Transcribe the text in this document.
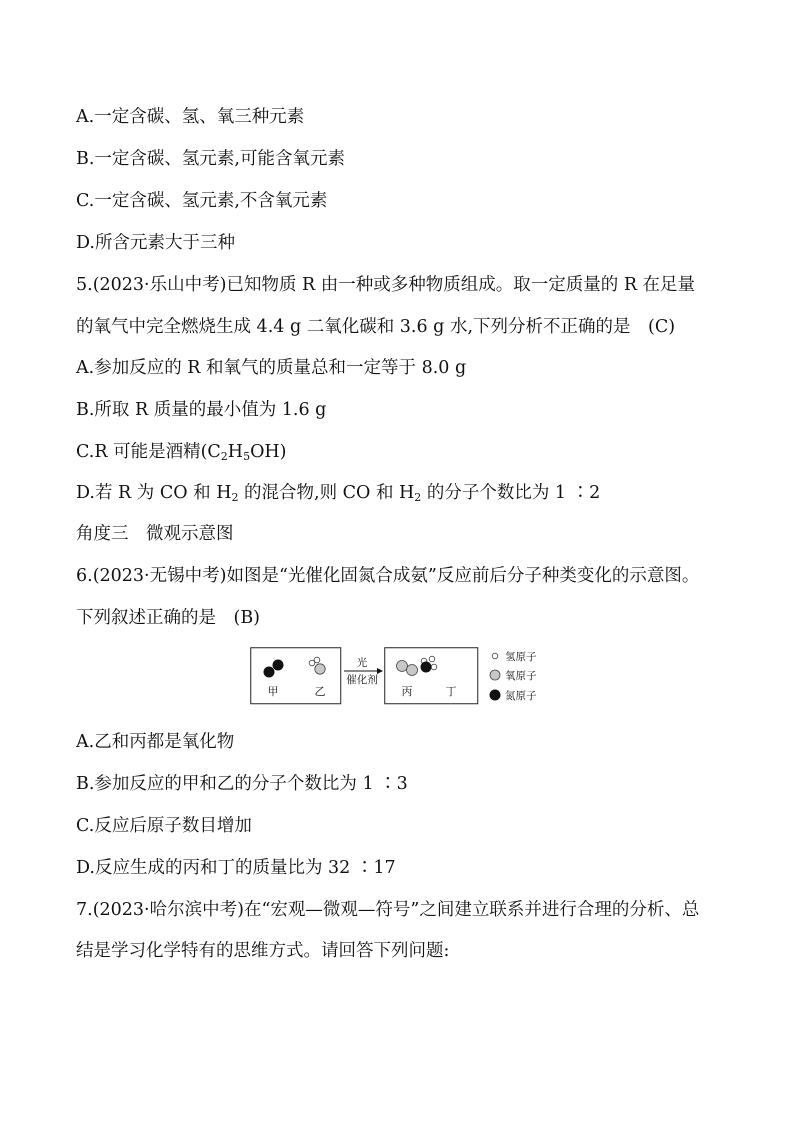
A.一定含碳、氢、氧三种元素
B.一定含碳、氢元素,可能含氧元素
C.一定含碳、氢元素,不含氧元素
D.所含元素大于三种
5.(2023·乐山中考)已知物质 R 由一种或多种物质组成。取一定质量的 R 在足量
的氧气中完全燃烧生成 4.4 g 二氧化碳和 3.6 g 水,下列分析不正确的是　(C)
A.参加反应的 R 和氧气的质量总和一定等于 8.0 g
B.所取 R 质量的最小值为 1.6 g
C.R 可能是酒精$(C_2H_5OH)$
D.若 R 为 CO 和 $H_2$ 的混合物,则 CO 和 $H_2$ 的分子个数比为 1 ∶2
角度三　微观示意图
6.(2023·无锡中考)如图是“光催化固氮合成氨”反应前后分子种类变化的示意图。
下列叙述正确的是　(B)
甲	乙	丙	丁
光
催化剂
氢原子
氧原子
氮原子
A.乙和丙都是氧化物
B.参加反应的甲和乙的分子个数比为 1 ∶3
C.反应后原子数目增加
D.反应生成的丙和丁的质量比为 32 ∶17
7.(2023·哈尔滨中考)在“宏观—微观—符号”之间建立联系并进行合理的分析、总
结是学习化学特有的思维方式。请回答下列问题:
